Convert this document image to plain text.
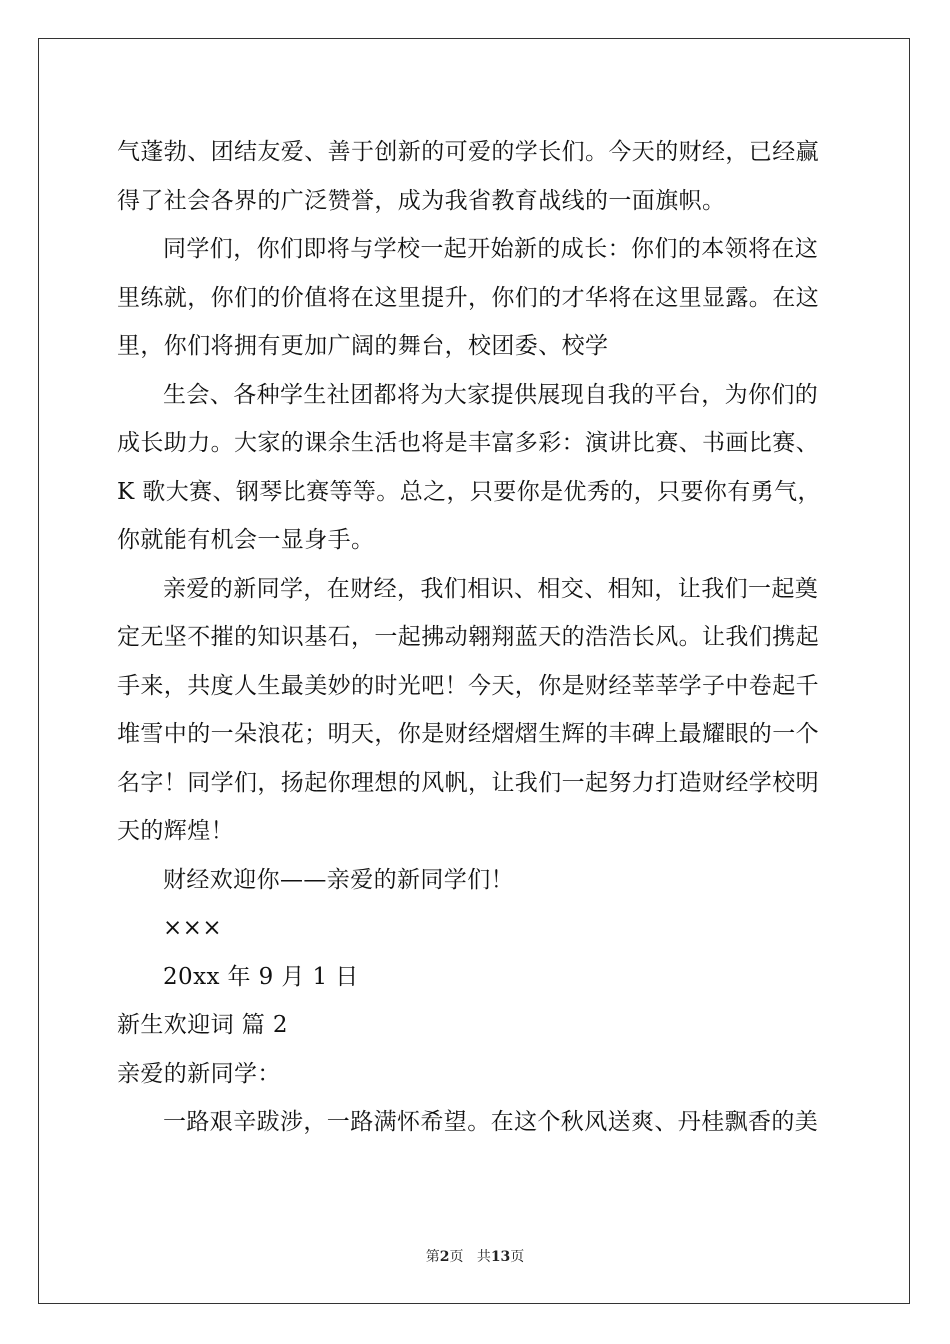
气蓬勃、团结友爱、善于创新的可爱的学长们。今天的财经，已经赢
得了社会各界的广泛赞誉，成为我省教育战线的一面旗帜。
同学们，你们即将与学校一起开始新的成长：你们的本领将在这
里练就，你们的价值将在这里提升，你们的才华将在这里显露。在这
里，你们将拥有更加广阔的舞台，校团委、校学
生会、各种学生社团都将为大家提供展现自我的平台，为你们的
成长助力。大家的课余生活也将是丰富多彩：演讲比赛、书画比赛、
K 歌大赛、钢琴比赛等等。总之，只要你是优秀的，只要你有勇气，
你就能有机会一显身手。
亲爱的新同学，在财经，我们相识、相交、相知，让我们一起奠
定无坚不摧的知识基石，一起拂动翱翔蓝天的浩浩长风。让我们携起
手来，共度人生最美妙的时光吧！今天，你是财经莘莘学子中卷起千
堆雪中的一朵浪花；明天，你是财经熠熠生辉的丰碑上最耀眼的一个
名字！同学们，扬起你理想的风帆，让我们一起努力打造财经学校明
天的辉煌！
财经欢迎你——亲爱的新同学们！
×××
20xx 年 9 月 1 日
新生欢迎词 篇 2
亲爱的新同学：
一路艰辛跋涉，一路满怀希望。在这个秋风送爽、丹桂飘香的美
第2页 共13页
